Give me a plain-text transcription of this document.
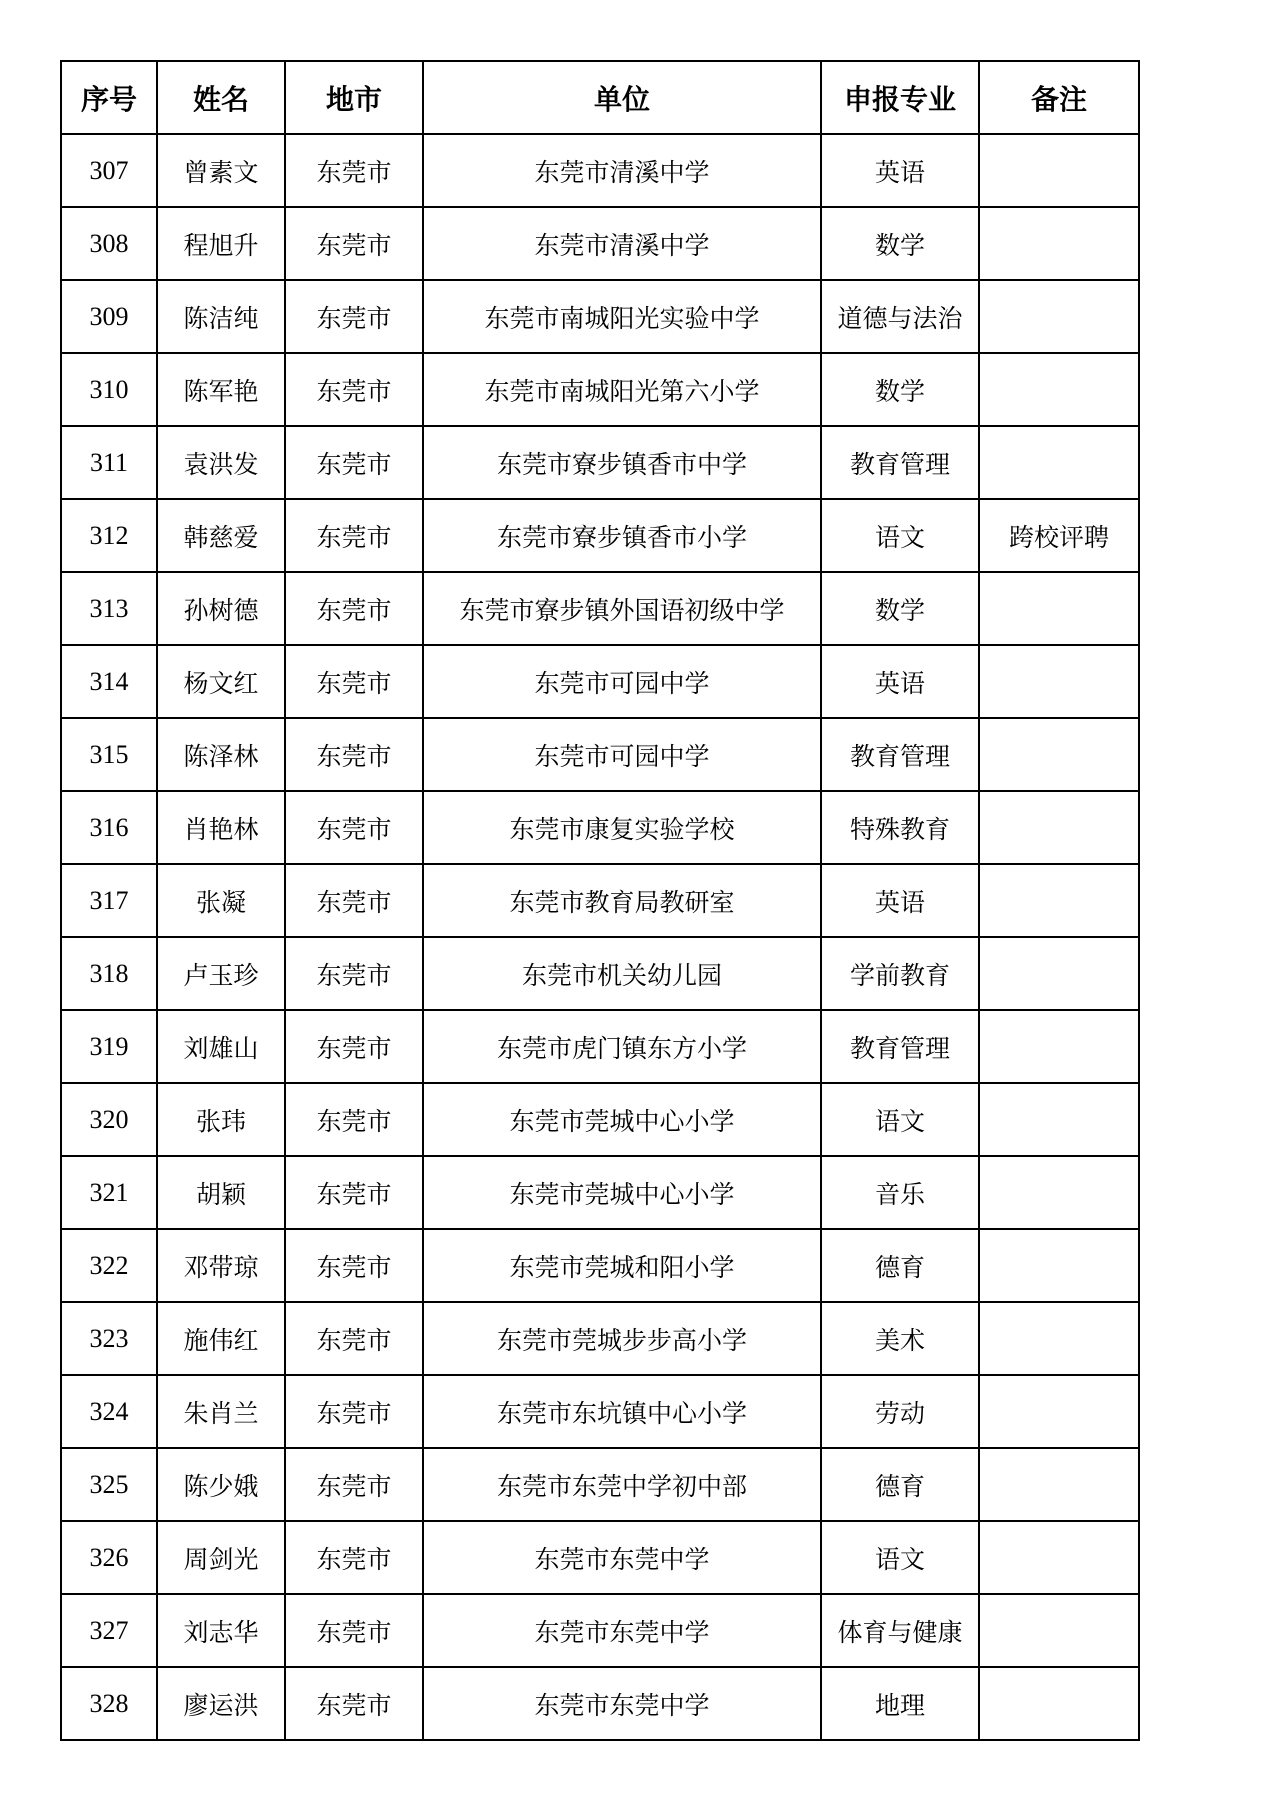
序号	姓名	地市	单位	申报专业	备注
307	曾素文	东莞市	东莞市清溪中学	英语	
308	程旭升	东莞市	东莞市清溪中学	数学	
309	陈洁纯	东莞市	东莞市南城阳光实验中学	道德与法治	
310	陈军艳	东莞市	东莞市南城阳光第六小学	数学	
311	袁洪发	东莞市	东莞市寮步镇香市中学	教育管理	
312	韩慈爱	东莞市	东莞市寮步镇香市小学	语文	跨校评聘
313	孙树德	东莞市	东莞市寮步镇外国语初级中学	数学	
314	杨文红	东莞市	东莞市可园中学	英语	
315	陈泽林	东莞市	东莞市可园中学	教育管理	
316	肖艳林	东莞市	东莞市康复实验学校	特殊教育	
317	张凝	东莞市	东莞市教育局教研室	英语	
318	卢玉珍	东莞市	东莞市机关幼儿园	学前教育	
319	刘雄山	东莞市	东莞市虎门镇东方小学	教育管理	
320	张玮	东莞市	东莞市莞城中心小学	语文	
321	胡颖	东莞市	东莞市莞城中心小学	音乐	
322	邓带琼	东莞市	东莞市莞城和阳小学	德育	
323	施伟红	东莞市	东莞市莞城步步高小学	美术	
324	朱肖兰	东莞市	东莞市东坑镇中心小学	劳动	
325	陈少娥	东莞市	东莞市东莞中学初中部	德育	
326	周剑光	东莞市	东莞市东莞中学	语文	
327	刘志华	东莞市	东莞市东莞中学	体育与健康	
328	廖运洪	东莞市	东莞市东莞中学	地理	
